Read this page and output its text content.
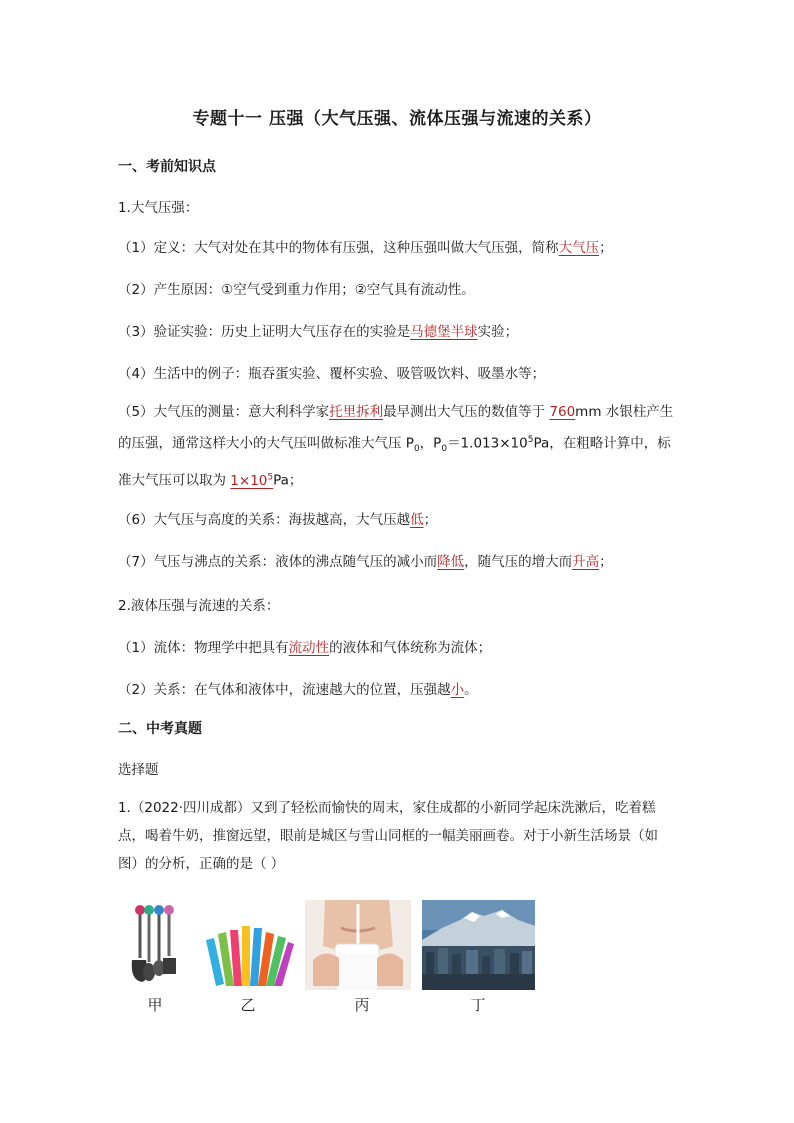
专题十一 压强（大气压强、流体压强与流速的关系）
一、考前知识点
1.大气压强：
（1）定义：大气对处在其中的物体有压强，这种压强叫做大气压强，简称大气压；
（2）产生原因：①空气受到重力作用；②空气具有流动性。
（3）验证实验：历史上证明大气压存在的实验是马德堡半球实验；
（4）生活中的例子：瓶吞蛋实验、覆杯实验、吸管吸饮料、吸墨水等；
（5）大气压的测量：意大利科学家托里拆利最早测出大气压的数值等于 760mm 水银柱产生的压强，通常这样大小的大气压叫做标准大气压 $P_0$，$P_0=1.013\times 10^5Pa$，在粗略计算中，标准大气压可以取为 $1\times 10^5Pa$；
（6）大气压与高度的关系：海拔越高，大气压越低；
（7）气压与沸点的关系：液体的沸点随气压的减小而降低，随气压的增大而升高；
2.液体压强与流速的关系：
（1）流体：物理学中把具有流动性的液体和气体统称为流体；
（2）关系：在气体和液体中，流速越大的位置，压强越小。
二、中考真题
选择题
1.（2022·四川成都）又到了轻松而愉快的周末，家住成都的小新同学起床洗漱后，吃着糕点，喝着牛奶，推窗远望，眼前是城区与雪山同框的一幅美丽画卷。对于小新生活场景（如图）的分析，正确的是（ ）
甲	乙	丙	丁
